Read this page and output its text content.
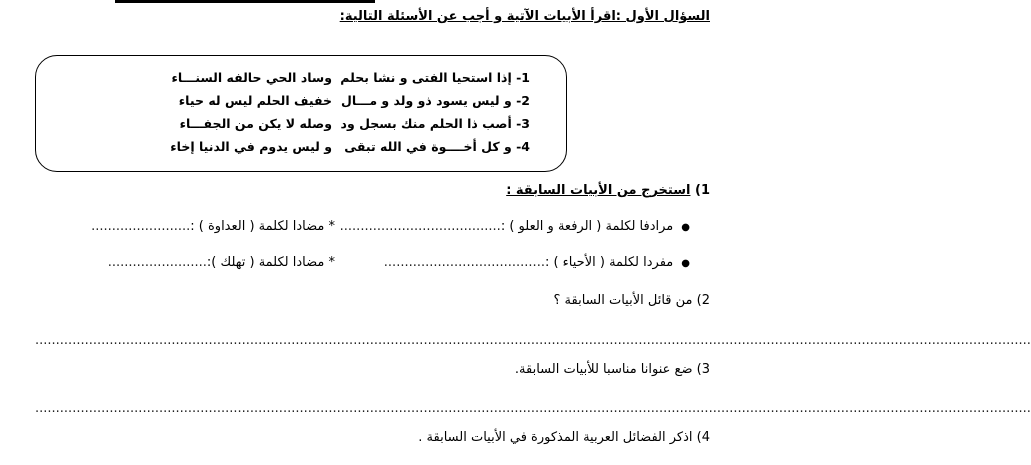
السؤال الأول :اقرأ الأبيات الآتية و أجب عن الأسئلة التالية:
1- إذا استحيا الفتى و نشا بحلم
وساد الحي حالفه السنـــاء
2- و ليس يسود ذو ولد و مـــال
خفيف الحلم ليس له حياء
3- أصب ذا الحلم منك بسجل ود
وصله لا يكن من الجفـــاء
4- و كل أخــــوة في الله تبقى
و ليس يدوم في الدنيا إخاء
1) استخرج من الأبيات السابقة :
●مرادفا لكلمة ( الرفعة و العلو ) :.......................................
* مضادا لكلمة ( العداوة ) :........................
●مفردا لكلمة ( الأحياء ) :.......................................
* مضادا لكلمة ( تهلك ):........................
2) من قائل الأبيات السابقة ؟
.................................................................................................................................................................................................................................................
3) ضع عنوانا مناسبا للأبيات السابقة.
.................................................................................................................................................................................................................................................
4) اذكر الفضائل العربية المذكورة في الأبيات السابقة .
